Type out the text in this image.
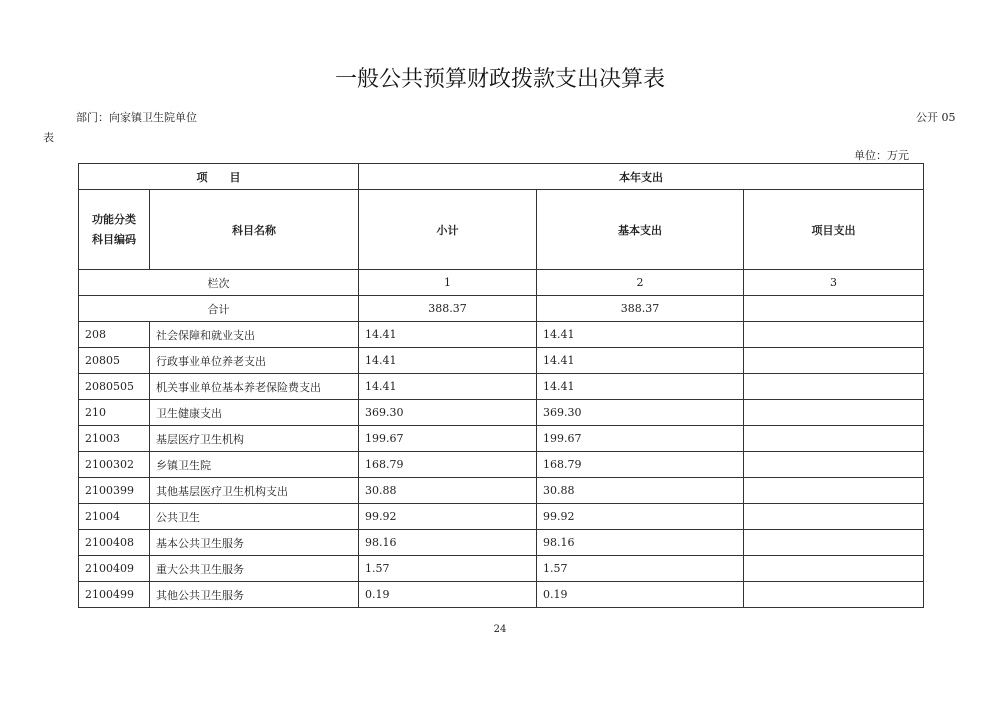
一般公共预算财政拨款支出决算表
部门：向家镇卫生院单位	公开 05
表
单位：万元
项　　目		本年支出		
功能分类
科目编码	科目名称	小计	基本支出	项目支出
栏次		1	2	3
合计		388.37	388.37	
208	社会保障和就业支出	14.41	14.41	
20805	行政事业单位养老支出	14.41	14.41	
2080505	机关事业单位基本养老保险费支出	14.41	14.41	
210	卫生健康支出	369.30	369.30	
21003	基层医疗卫生机构	199.67	199.67	
2100302	乡镇卫生院	168.79	168.79	
2100399	其他基层医疗卫生机构支出	30.88	30.88	
21004	公共卫生	99.92	99.92	
2100408	基本公共卫生服务	98.16	98.16	
2100409	重大公共卫生服务	1.57	1.57	
2100499	其他公共卫生服务	0.19	0.19	
24
